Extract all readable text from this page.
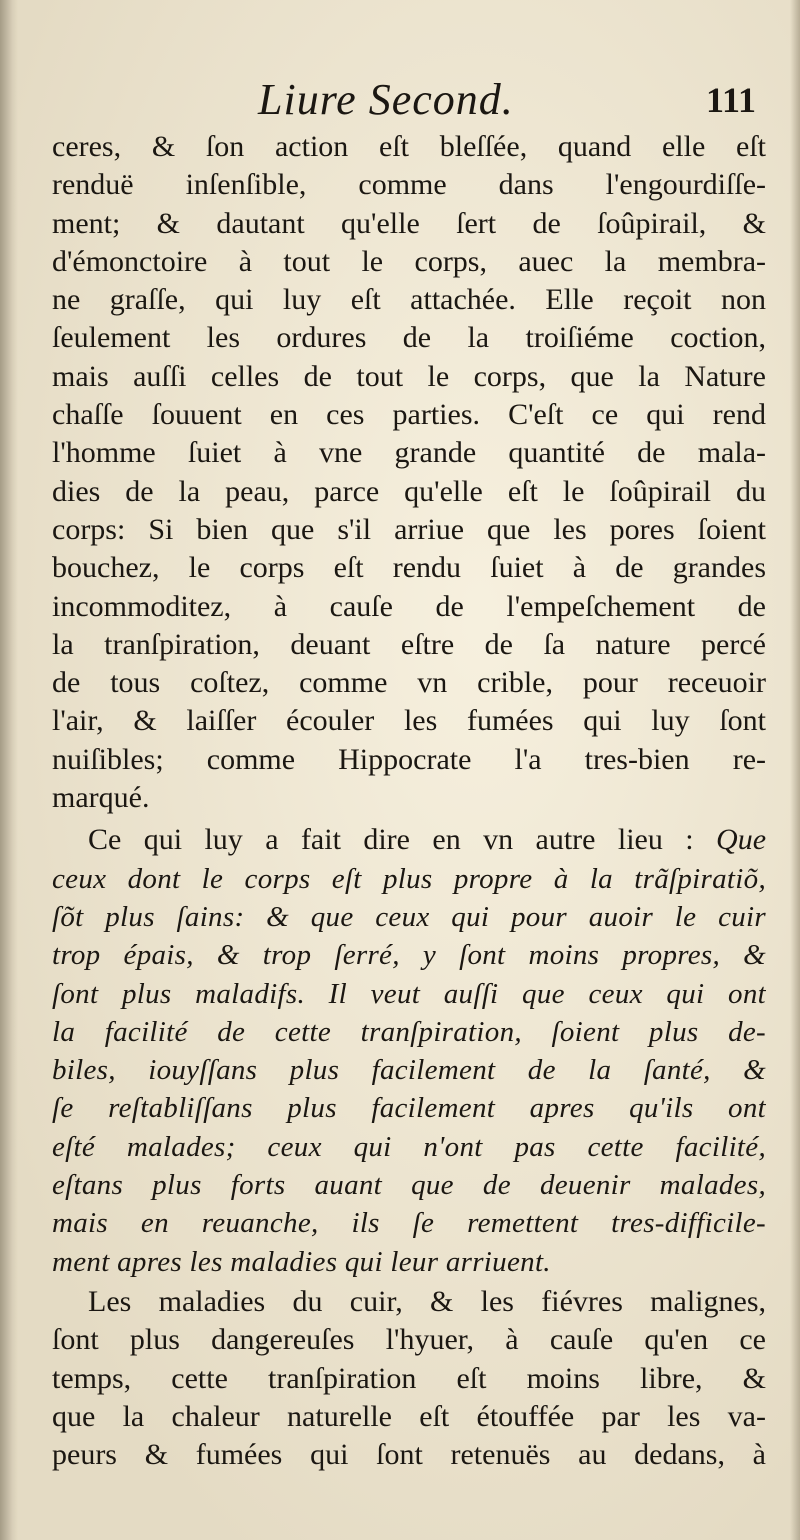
Liure Second.	111
ceres, & ſon action eſt bleſſée, quand elle eſt
renduë inſenſible, comme dans l'engourdiſſe-
ment; & dautant qu'elle ſert de ſoûpirail, &
d'émonctoire à tout le corps, auec la membra-
ne graſſe, qui luy eſt attachée. Elle reçoit non
ſeulement les ordures de la troiſiéme coction,
mais auſſi celles de tout le corps, que la Nature
chaſſe ſouuent en ces parties. C'eſt ce qui rend
l'homme ſuiet à vne grande quantité de mala-
dies de la peau, parce qu'elle eſt le ſoûpirail du
corps: Si bien que s'il arriue que les pores ſoient
bouchez, le corps eſt rendu ſuiet à de grandes
incommoditez, à cauſe de l'empeſchement de
la tranſpiration, deuant eſtre de ſa nature percé
de tous coſtez, comme vn crible, pour receuoir
l'air, & laiſſer écouler les fumées qui luy ſont
nuiſibles; comme Hippocrate l'a tres-bien re-
marqué.
Ce qui luy a fait dire en vn autre lieu : Que
ceux dont le corps eſt plus propre à la trãſpiratiõ,
ſõt plus ſains: & que ceux qui pour auoir le cuir
trop épais, & trop ſerré, y ſont moins propres, &
ſont plus maladifs. Il veut auſſi que ceux qui ont
la facilité de cette tranſpiration, ſoient plus de-
biles, iouyſſans plus facilement de la ſanté, &
ſe reſtabliſſans plus facilement apres qu'ils ont
eſté malades; ceux qui n'ont pas cette facilité,
eſtans plus forts auant que de deuenir malades,
mais en reuanche, ils ſe remettent tres-difficile-
ment apres les maladies qui leur arriuent.
Les maladies du cuir, & les fiévres malignes,
ſont plus dangereuſes l'hyuer, à cauſe qu'en ce
temps, cette tranſpiration eſt moins libre, &
que la chaleur naturelle eſt étouffée par les va-
peurs & fumées qui ſont retenuës au dedans, à
